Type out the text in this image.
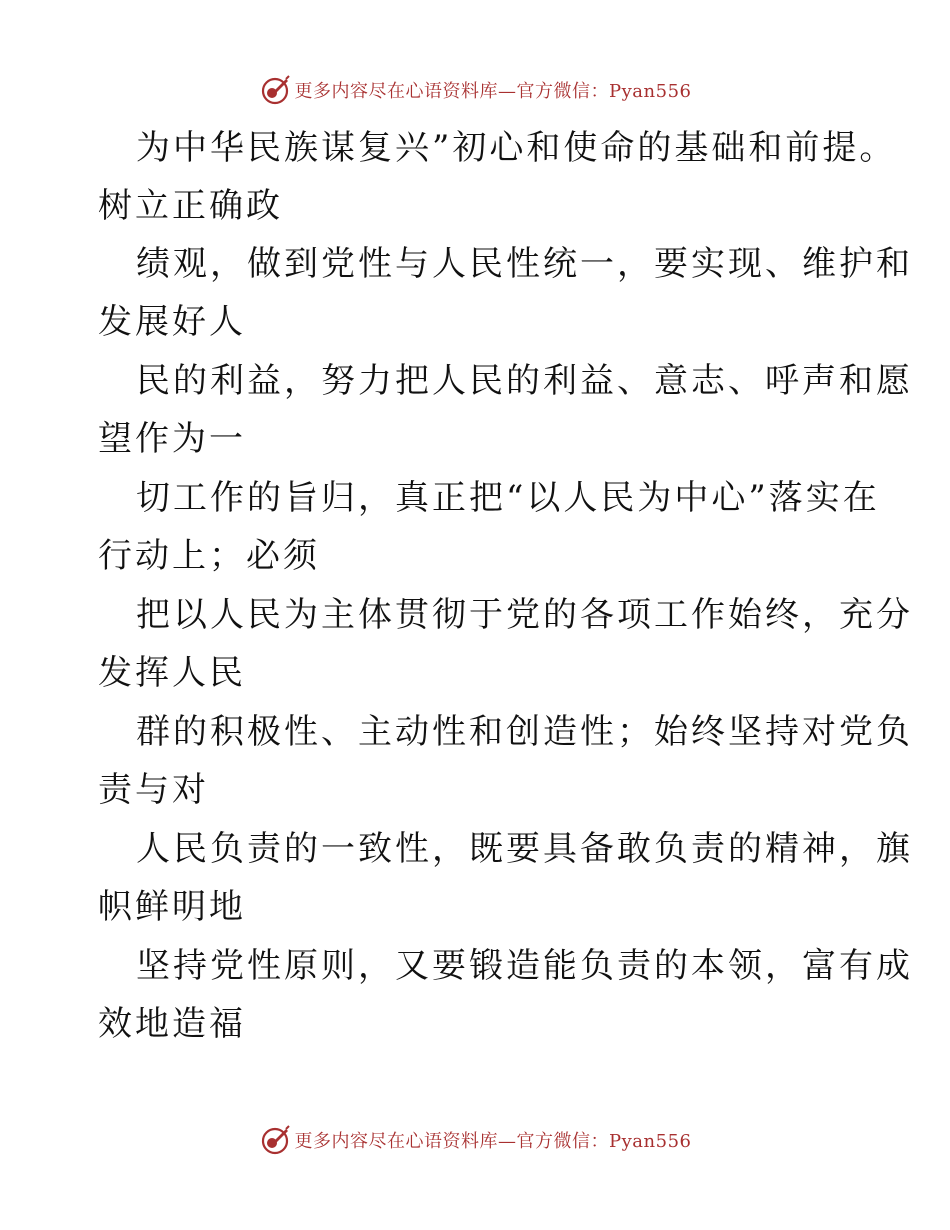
更多内容尽在心语资料库—官方微信：Pyan556
为中华民族谋复兴”初心和使命的基础和前提。
树立正确政
绩观，做到党性与人民性统一，要实现、维护和
发展好人
民的利益，努力把人民的利益、意志、呼声和愿
望作为一
切工作的旨归，真正把“以人民为中心”落实在
行动上；必须
把以人民为主体贯彻于党的各项工作始终，充分
发挥人民
群的积极性、主动性和创造性；始终坚持对党负
责与对
人民负责的一致性，既要具备敢负责的精神，旗
帜鲜明地
坚持党性原则，又要锻造能负责的本领，富有成
效地造福
更多内容尽在心语资料库—官方微信：Pyan556
